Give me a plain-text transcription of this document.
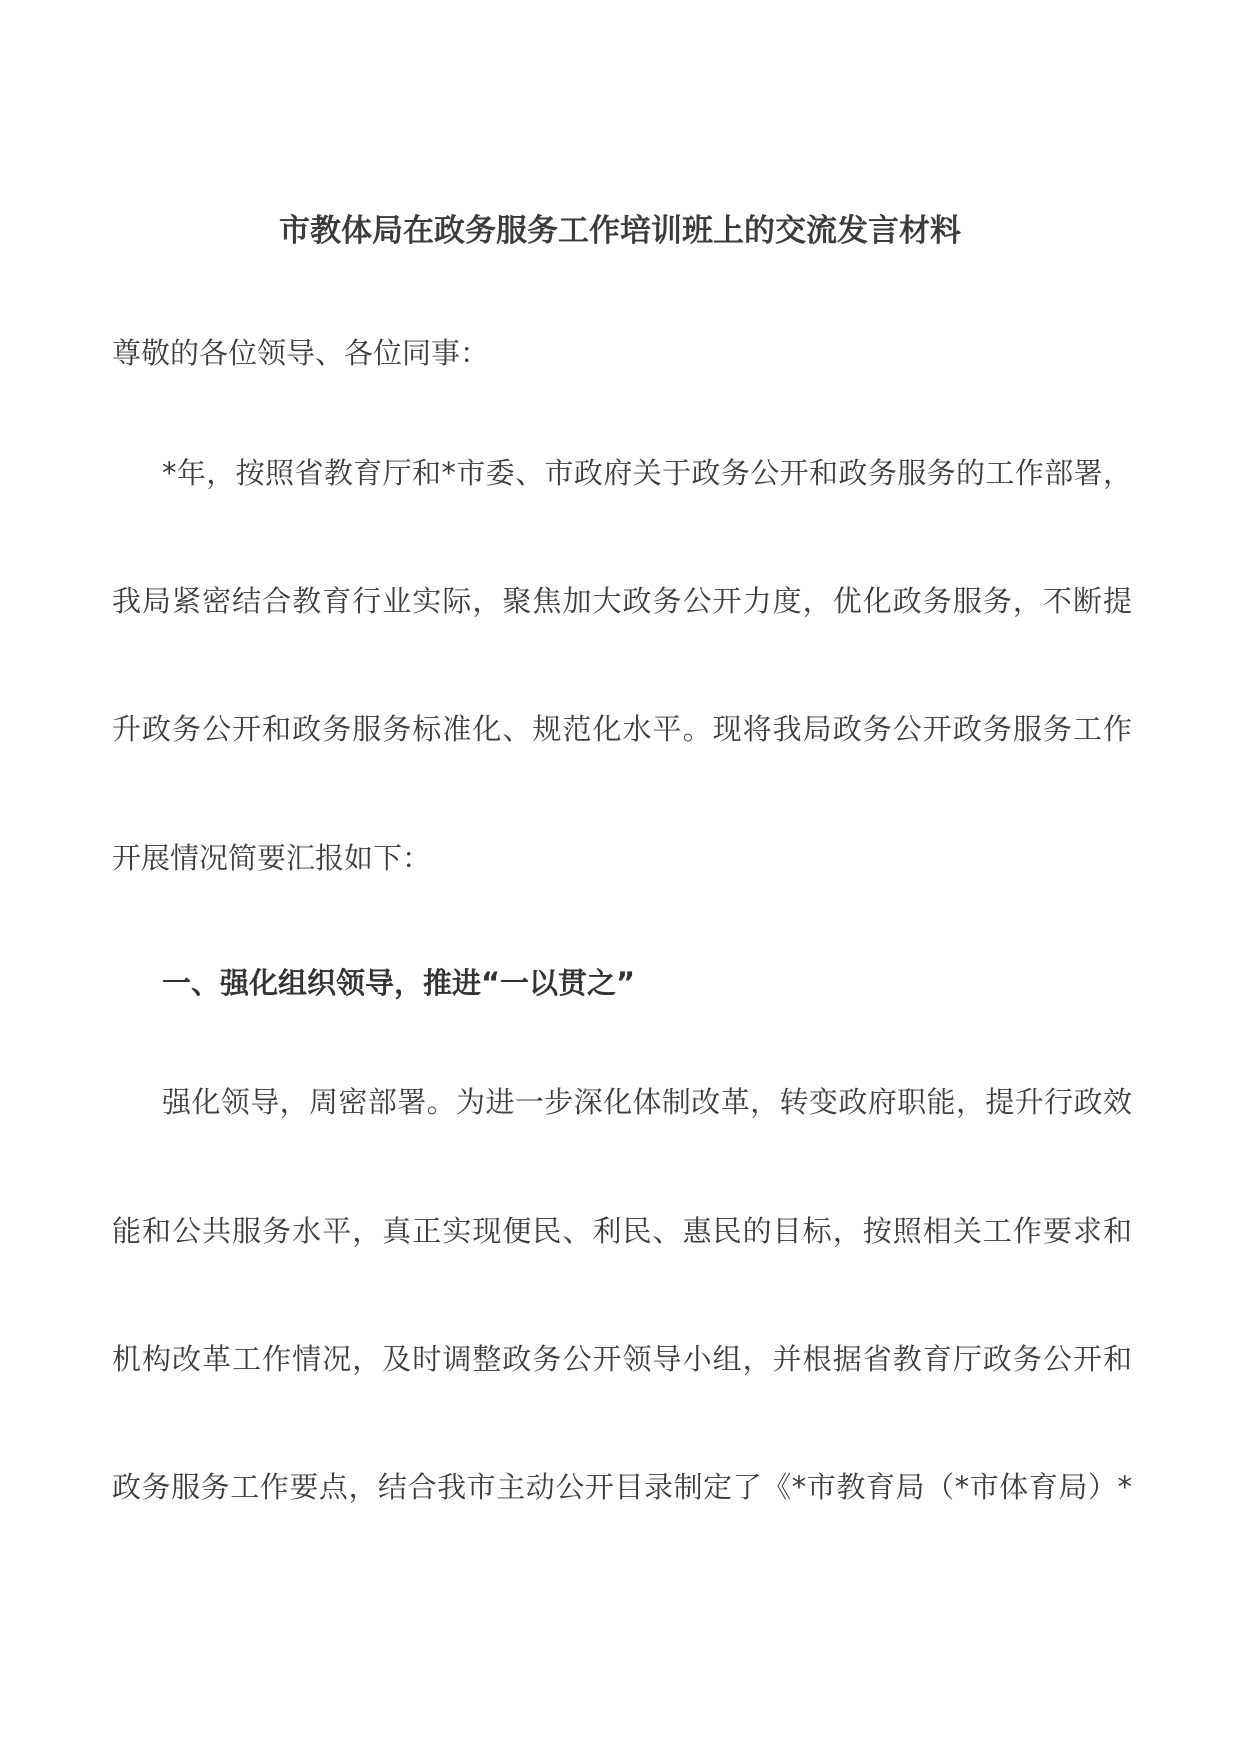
市教体局在政务服务工作培训班上的交流发言材料
尊敬的各位领导、各位同事：
*年，按照省教育厅和*市委、市政府关于政务公开和政务服务的工作部署，
我局紧密结合教育行业实际，聚焦加大政务公开力度，优化政务服务，不断提
升政务公开和政务服务标准化、规范化水平。现将我局政务公开政务服务工作
开展情况简要汇报如下：
一、强化组织领导，推进“一以贯之”
强化领导，周密部署。为进一步深化体制改革，转变政府职能，提升行政效
能和公共服务水平，真正实现便民、利民、惠民的目标，按照相关工作要求和
机构改革工作情况，及时调整政务公开领导小组，并根据省教育厅政务公开和
政务服务工作要点，结合我市主动公开目录制定了《*市教育局（*市体育局）*
